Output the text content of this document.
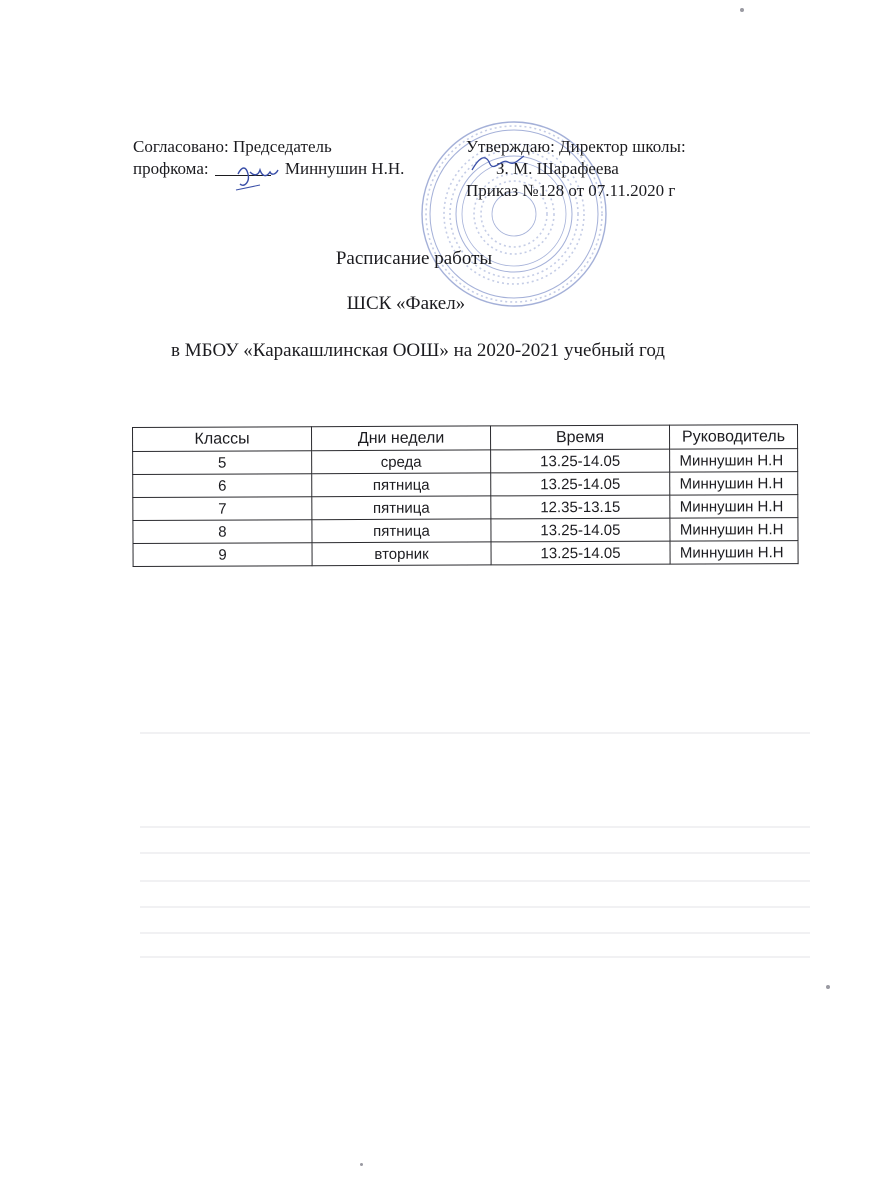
Согласовано: Председатель
профкома:	Миннушин Н.Н.
Утверждаю: Директор школы:
З. М. Шарафеева
Приказ №128 от 07.11.2020 г
Расписание работы
ШСК «Факел»
в МБОУ «Каракашлинская ООШ» на 2020-2021 учебный год
Классы	Дни недели	Время	Руководитель
5	среда	13.25-14.05	Миннушин Н.Н
6	пятница	13.25-14.05	Миннушин Н.Н
7	пятница	12.35-13.15	Миннушин Н.Н
8	пятница	13.25-14.05	Миннушин Н.Н
9	вторник	13.25-14.05	Миннушин Н.Н
